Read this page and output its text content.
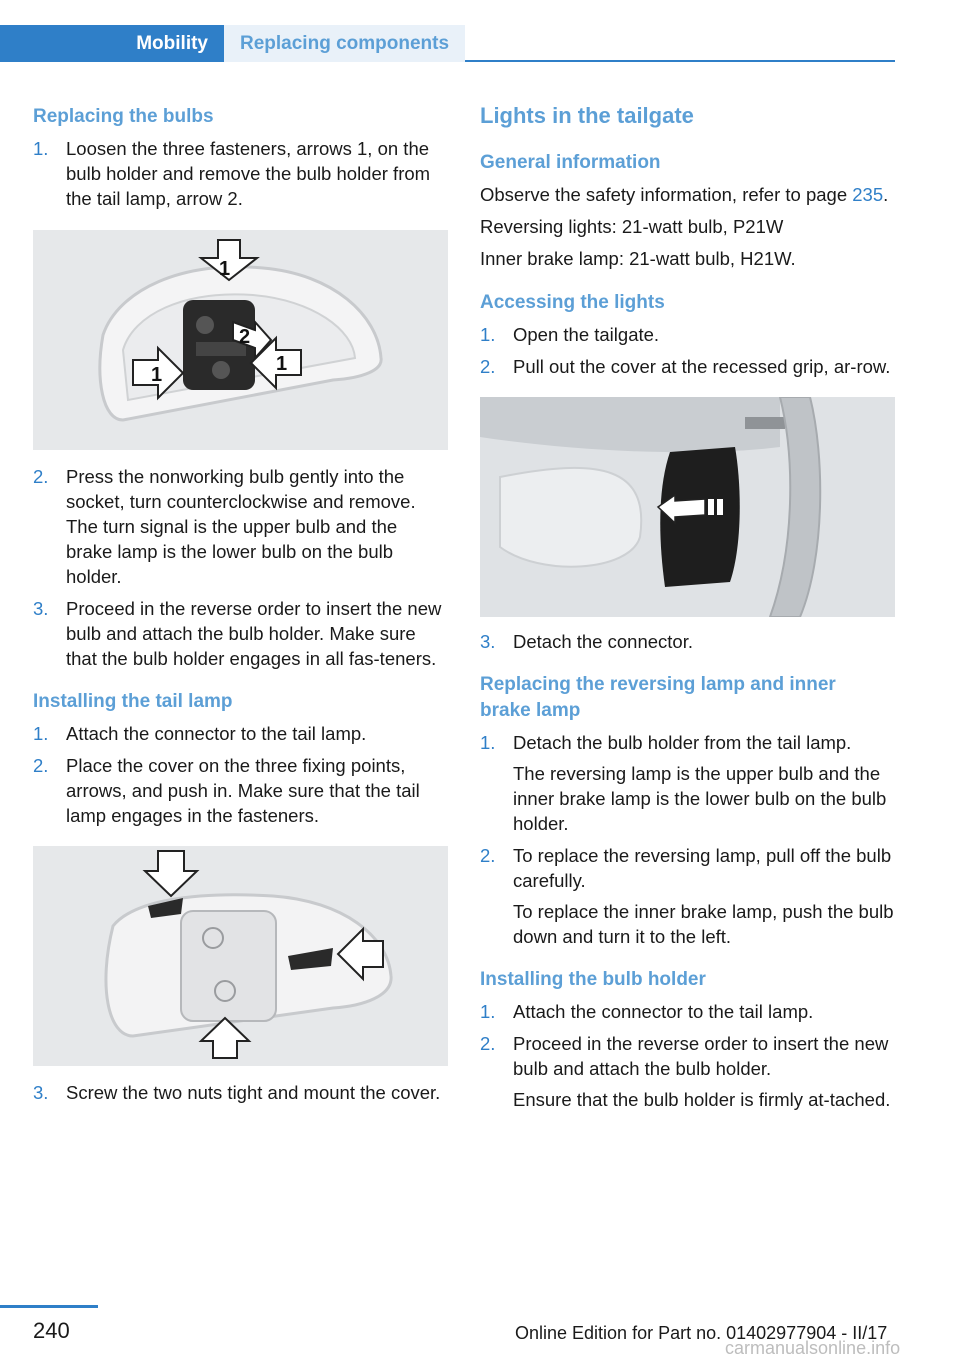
Mobility	Replacing components
Replacing the bulbs
1. Loosen the three fasteners, arrows 1, on the bulb holder and remove the bulb holder from the tail lamp, arrow 2.
1
2
1	1
2. Press the nonworking bulb gently into the socket, turn counterclockwise and remove. The turn signal is the upper bulb and the brake lamp is the lower bulb on the bulb holder.
3. Proceed in the reverse order to insert the new bulb and attach the bulb holder. Make sure that the bulb holder engages in all fas‐teners.
Installing the tail lamp
1. Attach the connector to the tail lamp.
2. Place the cover on the three fixing points, arrows, and push in. Make sure that the tail lamp engages in the fasteners.
3. Screw the two nuts tight and mount the cover.
Lights in the tailgate
General information
Observe the safety information, refer to page 235.
Reversing lights: 21-watt bulb, P21W
Inner brake lamp: 21-watt bulb, H21W.
Accessing the lights
1. Open the tailgate.
2. Pull out the cover at the recessed grip, ar‐row.
3. Detach the connector.
Replacing the reversing lamp and inner brake lamp
1. Detach the bulb holder from the tail lamp.
The reversing lamp is the upper bulb and the inner brake lamp is the lower bulb on the bulb holder.
2. To replace the reversing lamp, pull off the bulb carefully.
To replace the inner brake lamp, push the bulb down and turn it to the left.
Installing the bulb holder
1. Attach the connector to the tail lamp.
2. Proceed in the reverse order to insert the new bulb and attach the bulb holder.
Ensure that the bulb holder is firmly at‐tached.
240	Online Edition for Part no. 01402977904 - II/17
carmanualsonline.info
